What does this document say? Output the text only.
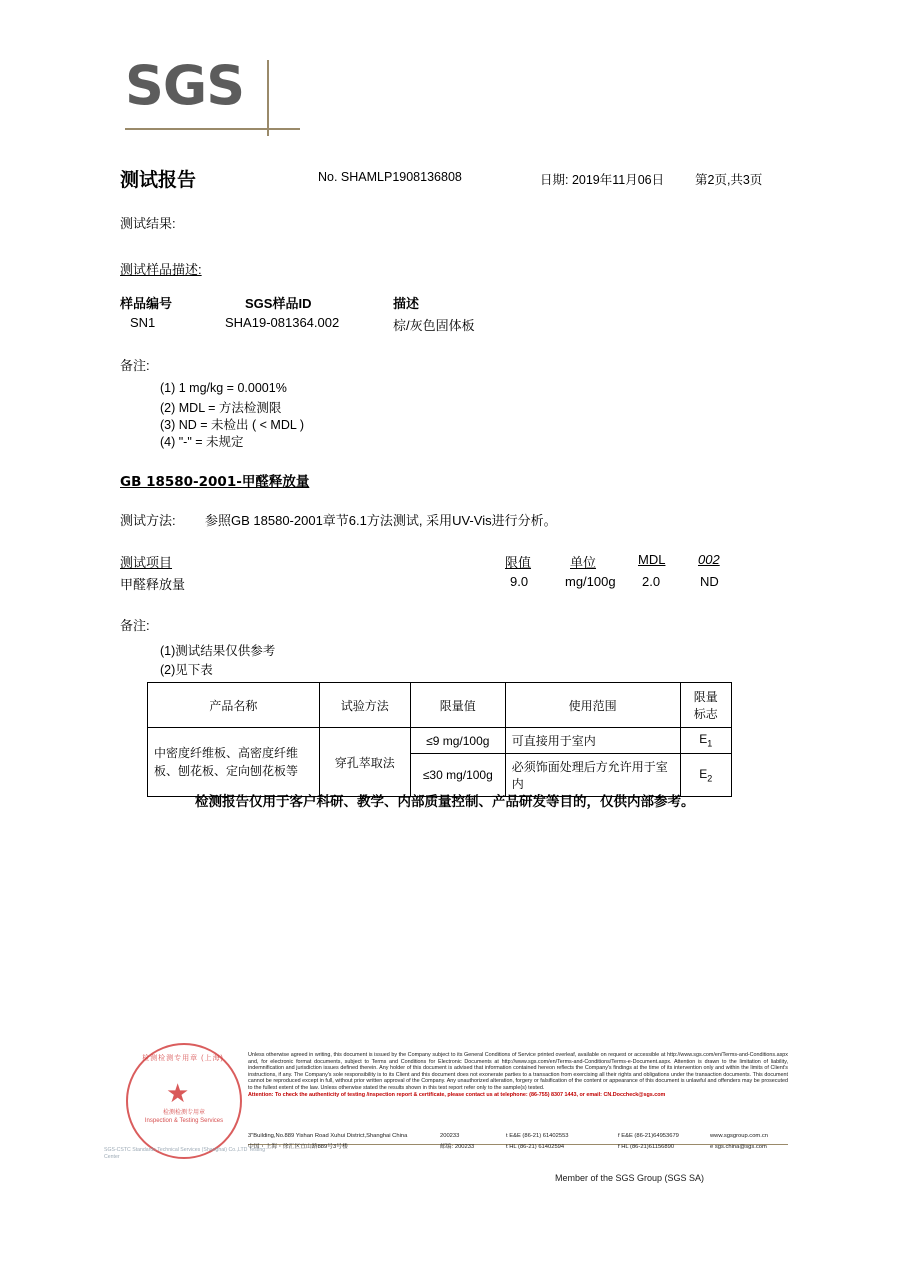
SGS
测试报告	No. SHAMLP1908136808	日期: 2019年11月06日 第2页,共3页
测试结果:
测试样品描述:
样品编号	SGS样品ID	描述
SN1	SHA19-081364.002	棕/灰色固体板
备注:
(1) 1 mg/kg = 0.0001%
(2) MDL = 方法检测限
(3) ND = 未检出 ( < MDL )
(4) "-" = 未规定
GB 18580-2001-甲醛释放量
测试方法: 参照GB 18580-2001章节6.1方法测试, 采用UV-Vis进行分析。
测试项目	限值	单位	MDL	002
甲醛释放量	9.0	mg/100g 2.0	ND
备注:
(1)测试结果仅供参考
(2)见下表
产品名称	试验方法	限量值	使用范围	限量
标志

中密度纤维板、高密度纤维板、刨花板、定向刨花板等	穿孔萃取法	≤9 mg/100g	可直接用于室内	$E_1$
		≤30 mg/100g	必须饰面处理后方允许用于室内	$E_2$
检测报告仅用于客户科研、教学、内部质量控制、产品研发等目的，仅供内部参考。
检测检测专用章 (上海)
★
检测检测专用章
Inspection & Testing Services
SGS-CSTC Standards Technical Services (Shanghai) Co.,LTD Testing Center
Unless otherwise agreed in writing, this document is issued by the Company subject to its General Conditions of Service printed overleaf, available on request or accessible at http://www.sgs.com/en/Terms-and-Conditions.aspx and, for electronic format documents, subject to Terms and Conditions for Electronic Documents at http://www.sgs.com/en/Terms-and-Conditions/Terms-e-Document.aspx. Attention is drawn to the limitation of liability, indemnification and jurisdiction issues defined therein. Any holder of this document is advised that information contained hereon reflects the Company's findings at the time of its intervention only and within the limits of Client's instructions, if any. The Company's sole responsibility is to its Client and this document does not exonerate parties to a transaction from exercising all their rights and obligations under the transaction documents. This document cannot be reproduced except in full, without prior written approval of the Company. Any unauthorized alteration, forgery or falsification of the content or appearance of this document is unlawful and offenders may be prosecuted to the fullest extent of the law. Unless otherwise stated the results shown in this test report refer only to the sample(s) tested.
Attention: To check the authenticity of testing /inspection report & certificate, please contact us at telephone: (86-755) 8307 1443, or email: CN.Doccheck@sgs.com
3"Building,No.889 Yishan Road Xuhui District,Shanghai China	200233	t E&E (86-21) 61402553	f E&E (86-21)64953679	www.sgsgroup.com.cn
中国・上海・徐汇区宜山路889号3号楼	邮编: 200233	t HL (86-21) 61402594	f HL (86-21)61156890	e sgs.china@sgs.com
Member of the SGS Group (SGS SA)
